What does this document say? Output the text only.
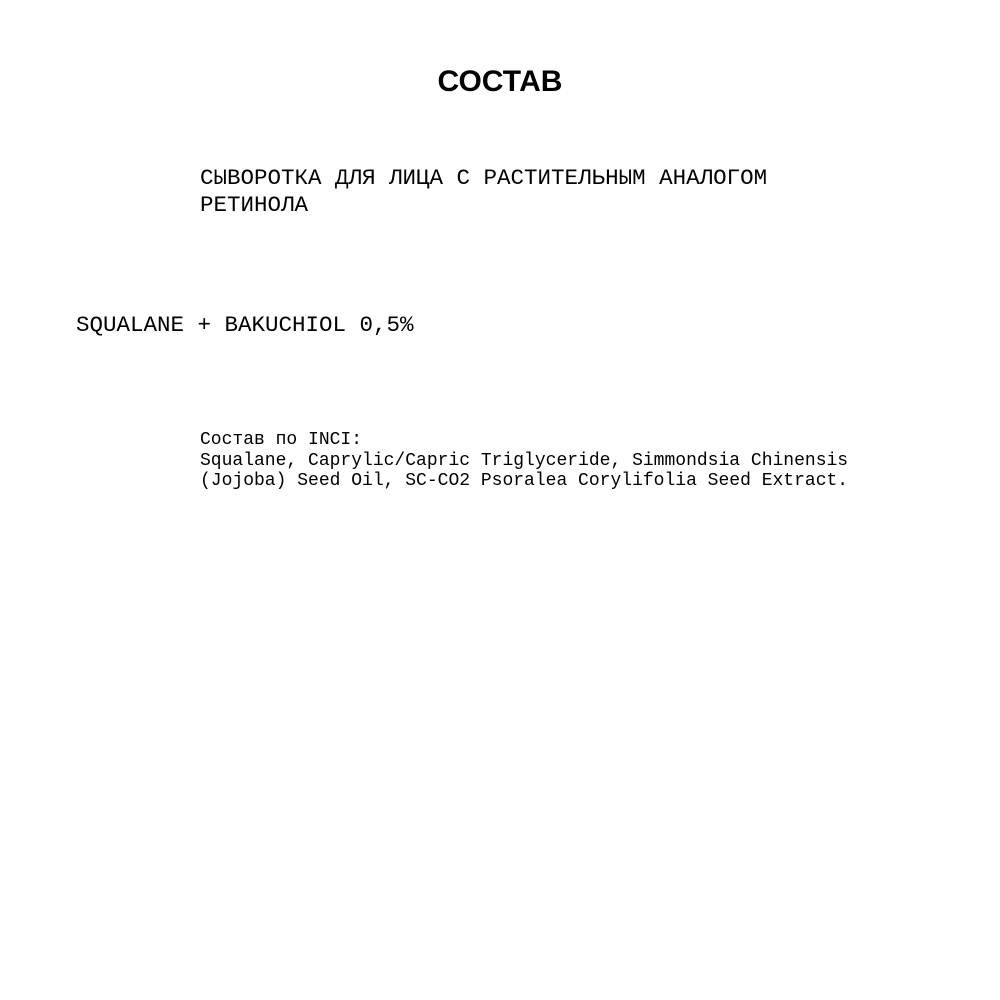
СОСТАВ
СЫВОРОТКА ДЛЯ ЛИЦА С РАСТИТЕЛЬНЫМ АНАЛОГОМ
РЕТИНОЛА
SQUALANE + BAKUCHIOL 0,5%
Состав по INCI:
Squalane, Caprylic/Capric Triglyceride, Simmondsia Chinensis
(Jojoba) Seed Oil, SC-CO2 Psoralea Corylifolia Seed Extract.
